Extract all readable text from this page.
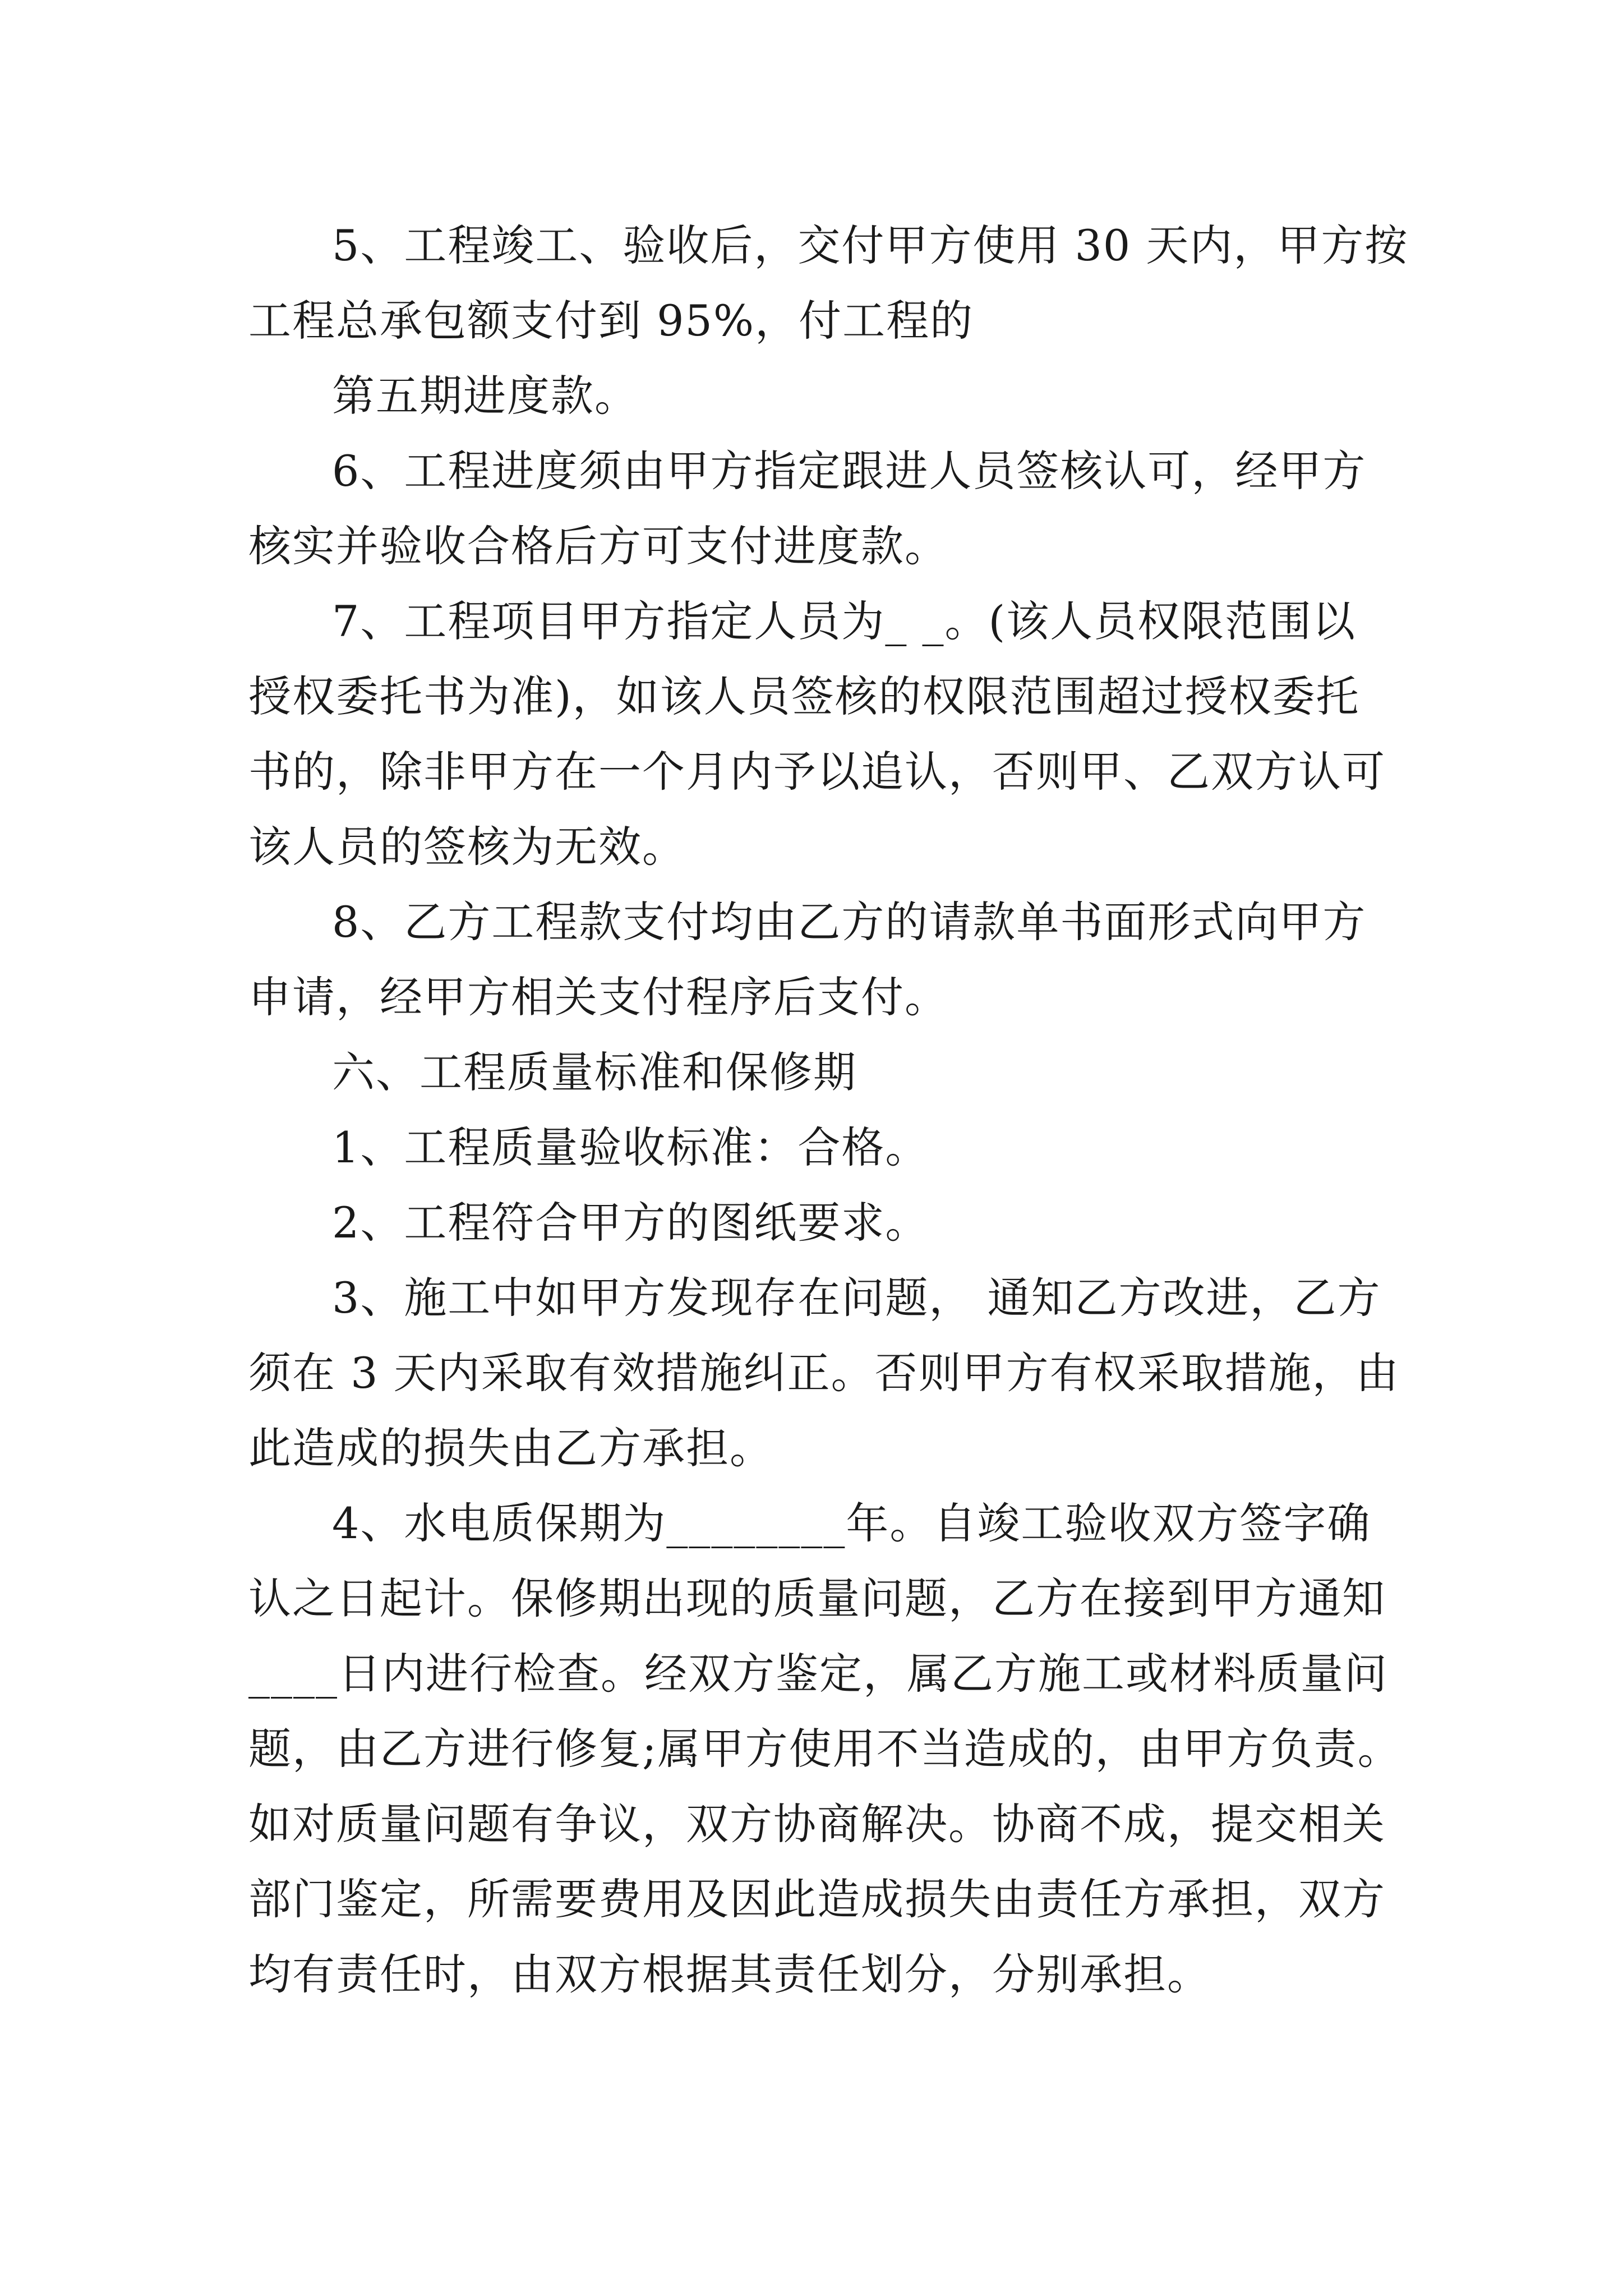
5、工程竣工、验收后，交付甲方使用 30 天内，甲方按
工程总承包额支付到 95%，付工程的
第五期进度款。
6、工程进度须由甲方指定跟进人员签核认可，经甲方
核实并验收合格后方可支付进度款。
7、工程项目甲方指定人员为_ _。(该人员权限范围以
授权委托书为准)，如该人员签核的权限范围超过授权委托
书的，除非甲方在一个月内予以追认，否则甲、乙双方认可
该人员的签核为无效。
8、乙方工程款支付均由乙方的请款单书面形式向甲方
申请，经甲方相关支付程序后支付。
六、工程质量标准和保修期
1、工程质量验收标准：合格。
2、工程符合甲方的图纸要求。
3、施工中如甲方发现存在问题， 通知乙方改进，乙方
须在 3 天内采取有效措施纠正。否则甲方有权采取措施，由
此造成的损失由乙方承担。
4、水电质保期为________年。自竣工验收双方签字确
认之日起计。保修期出现的质量问题，乙方在接到甲方通知
____日内进行检查。经双方鉴定，属乙方施工或材料质量问
题，由乙方进行修复;属甲方使用不当造成的，由甲方负责。
如对质量问题有争议，双方协商解决。协商不成，提交相关
部门鉴定，所需要费用及因此造成损失由责任方承担，双方
均有责任时，由双方根据其责任划分，分别承担。
